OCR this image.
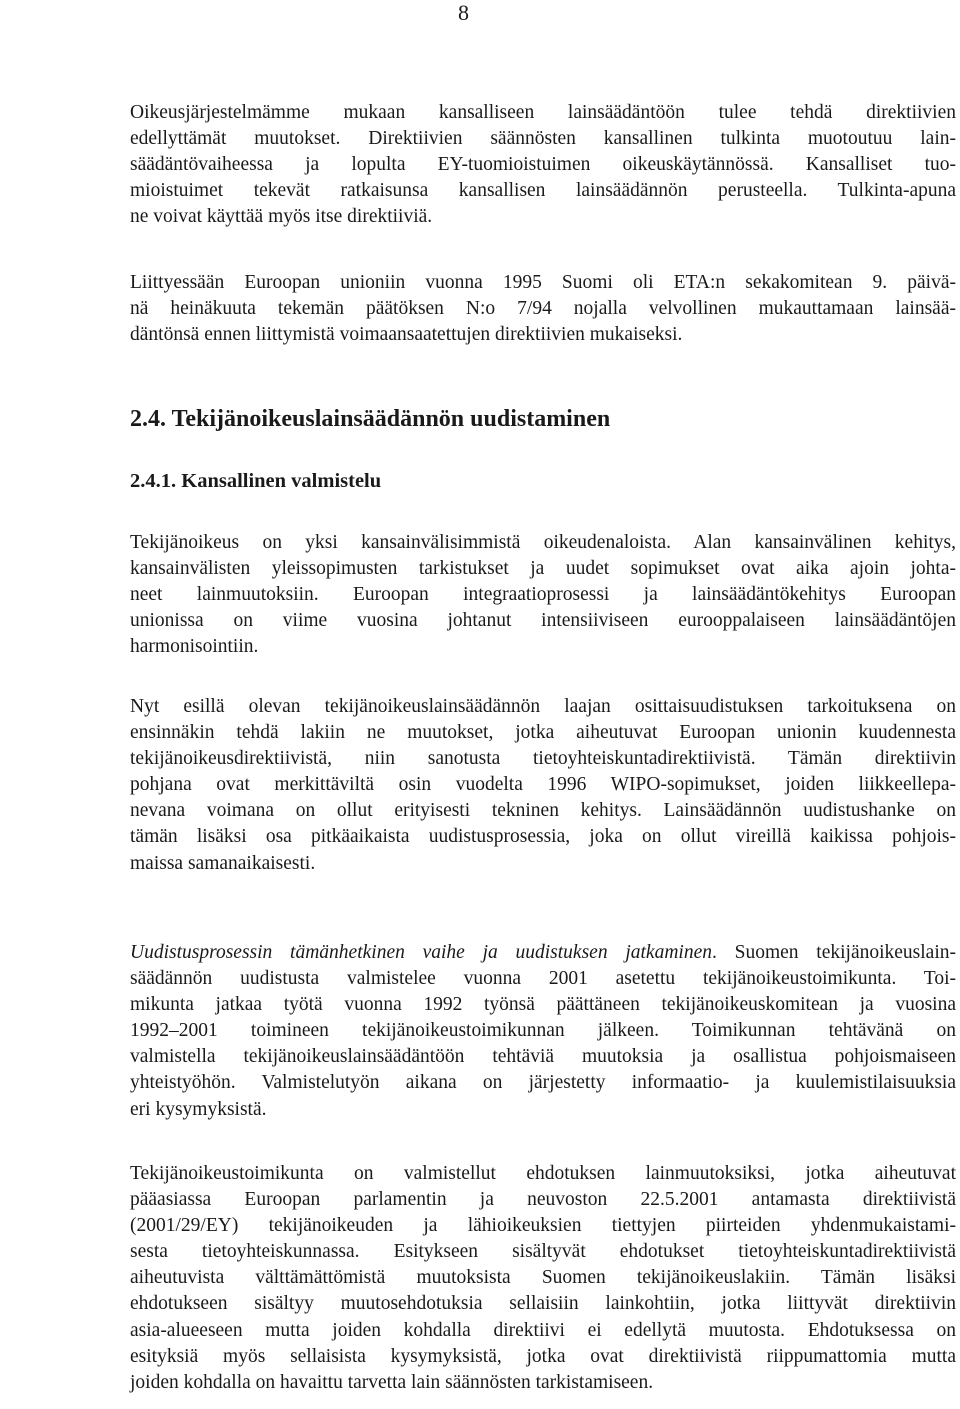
8
Oikeusjärjestelmämme mukaan kansalliseen lainsäädäntöön tulee tehdä direktiivien
edellyttämät muutokset. Direktiivien säännösten kansallinen tulkinta muotoutuu lain-
säädäntövaiheessa ja lopulta EY-tuomioistuimen oikeuskäytännössä. Kansalliset tuo-
mioistuimet tekevät ratkaisunsa kansallisen lainsäädännön perusteella. Tulkinta-apuna
ne voivat käyttää myös itse direktiiviä.
Liittyessään Euroopan unioniin vuonna 1995 Suomi oli ETA:n sekakomitean 9. päivä-
nä heinäkuuta tekemän päätöksen N:o 7/94 nojalla velvollinen mukauttamaan lainsää-
däntönsä ennen liittymistä voimaansaatettujen direktiivien mukaiseksi.
2.4. Tekijänoikeuslainsäädännön uudistaminen
2.4.1. Kansallinen valmistelu
Tekijänoikeus on yksi kansainvälisimmistä oikeudenaloista. Alan kansainvälinen kehitys,
kansainvälisten yleissopimusten tarkistukset ja uudet sopimukset ovat aika ajoin johta-
neet lainmuutoksiin. Euroopan integraatioprosessi ja lainsäädäntökehitys Euroopan
unionissa on viime vuosina johtanut intensiiviseen eurooppalaiseen lainsäädäntöjen
harmonisointiin.
Nyt esillä olevan tekijänoikeuslainsäädännön laajan osittaisuudistuksen tarkoituksena on
ensinnäkin tehdä lakiin ne muutokset, jotka aiheutuvat Euroopan unionin kuudennesta
tekijänoikeusdirektiivistä, niin sanotusta tietoyhteiskuntadirektiivistä. Tämän direktiivin
pohjana ovat merkittäviltä osin vuodelta 1996 WIPO-sopimukset, joiden liikkeellepa-
nevana voimana on ollut erityisesti tekninen kehitys. Lainsäädännön uudistushanke on
tämän lisäksi osa pitkäaikaista uudistusprosessia, joka on ollut vireillä kaikissa pohjois-
maissa samanaikaisesti.
Uudistusprosessin tämänhetkinen vaihe ja uudistuksen jatkaminen. Suomen tekijänoikeuslain-
säädännön uudistusta valmistelee vuonna 2001 asetettu tekijänoikeustoimikunta. Toi-
mikunta jatkaa työtä vuonna 1992 työnsä päättäneen tekijänoikeuskomitean ja vuosina
1992–2001 toimineen tekijänoikeustoimikunnan jälkeen. Toimikunnan tehtävänä on
valmistella tekijänoikeuslainsäädäntöön tehtäviä muutoksia ja osallistua pohjoismaiseen
yhteistyöhön. Valmistelutyön aikana on järjestetty informaatio- ja kuulemistilaisuuksia
eri kysymyksistä.
Tekijänoikeustoimikunta on valmistellut ehdotuksen lainmuutoksiksi, jotka aiheutuvat
pääasiassa Euroopan parlamentin ja neuvoston 22.5.2001 antamasta direktiivistä
(2001/29/EY) tekijänoikeuden ja lähioikeuksien tiettyjen piirteiden yhdenmukaistami-
sesta tietoyhteiskunnassa. Esitykseen sisältyvät ehdotukset tietoyhteiskuntadirektiivistä
aiheutuvista välttämättömistä muutoksista Suomen tekijänoikeuslakiin. Tämän lisäksi
ehdotukseen sisältyy muutosehdotuksia sellaisiin lainkohtiin, jotka liittyvät direktiivin
asia-alueeseen mutta joiden kohdalla direktiivi ei edellytä muutosta. Ehdotuksessa on
esityksiä myös sellaisista kysymyksistä, jotka ovat direktiivistä riippumattomia mutta
joiden kohdalla on havaittu tarvetta lain säännösten tarkistamiseen.
